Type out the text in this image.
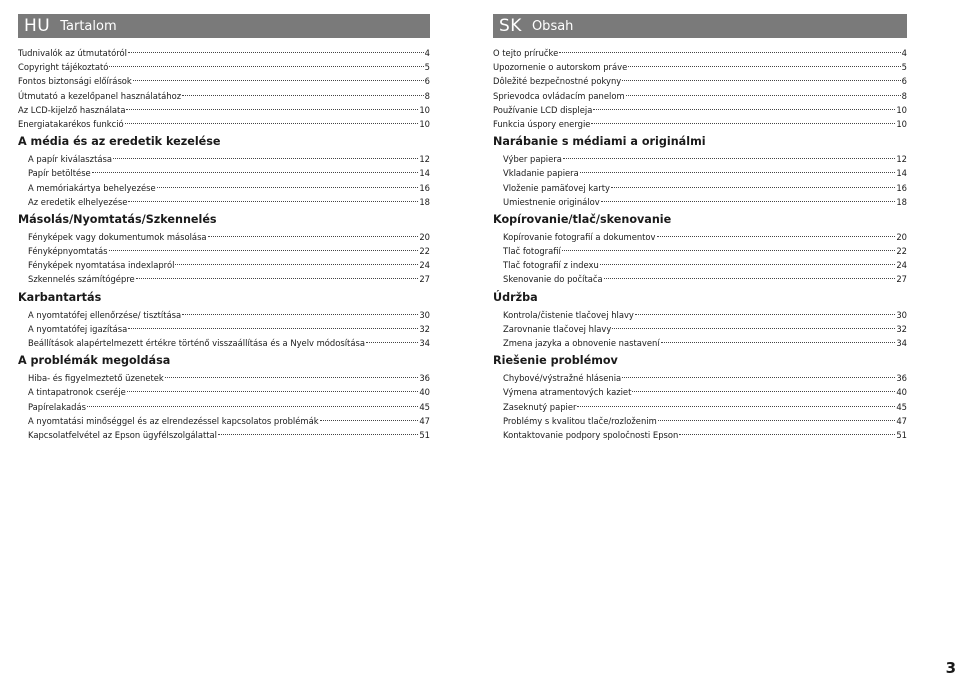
HU Tartalom
Tudnivalók az útmutatóról	4
Copyright tájékoztató	5
Fontos biztonsági előírások	6
Útmutató a kezelőpanel használatához	8
Az LCD-kijelző használata	10
Energiatakarékos funkció	10
A média és az eredetik kezelése
A papír kiválasztása	12
Papír betöltése	14
A memóriakártya behelyezése	16
Az eredetik elhelyezése	18
Másolás/Nyomtatás/Szkennelés
Fényképek vagy dokumentumok másolása	20
Fényképnyomtatás	22
Fényképek nyomtatása indexlapról	24
Szkennelés számítógépre	27
Karbantartás
A nyomtatófej ellenőrzése/ tisztítása	30
A nyomtatófej igazítása	32
Beállítások alapértelmezett értékre történő visszaállítása és a Nyelv módosítása	34
A problémák megoldása
Hiba- és figyelmeztető üzenetek	36
A tintapatronok cseréje	40
Papírelakadás	45
A nyomtatási minőséggel és az elrendezéssel kapcsolatos problémák	47
Kapcsolatfelvétel az Epson ügyfélszolgálattal	51
SK Obsah
O tejto príručke	4
Upozornenie o autorskom práve	5
Dôležité bezpečnostné pokyny	6
Sprievodca ovládacím panelom	8
Používanie LCD displeja	10
Funkcia úspory energie	10
Narábanie s médiami a originálmi
Výber papiera	12
Vkladanie papiera	14
Vloženie pamäťovej karty	16
Umiestnenie originálov	18
Kopírovanie/tlač/skenovanie
Kopírovanie fotografií a dokumentov	20
Tlač fotografií	22
Tlač fotografií z indexu	24
Skenovanie do počítača	27
Údržba
Kontrola/čistenie tlačovej hlavy	30
Zarovnanie tlačovej hlavy	32
Zmena jazyka a obnovenie nastavení	34
Riešenie problémov
Chybové/výstražné hlásenia	36
Výmena atramentových kaziet	40
Zaseknutý papier	45
Problémy s kvalitou tlače/rozloženim	47
Kontaktovanie podpory spoločnosti Epson	51
3
